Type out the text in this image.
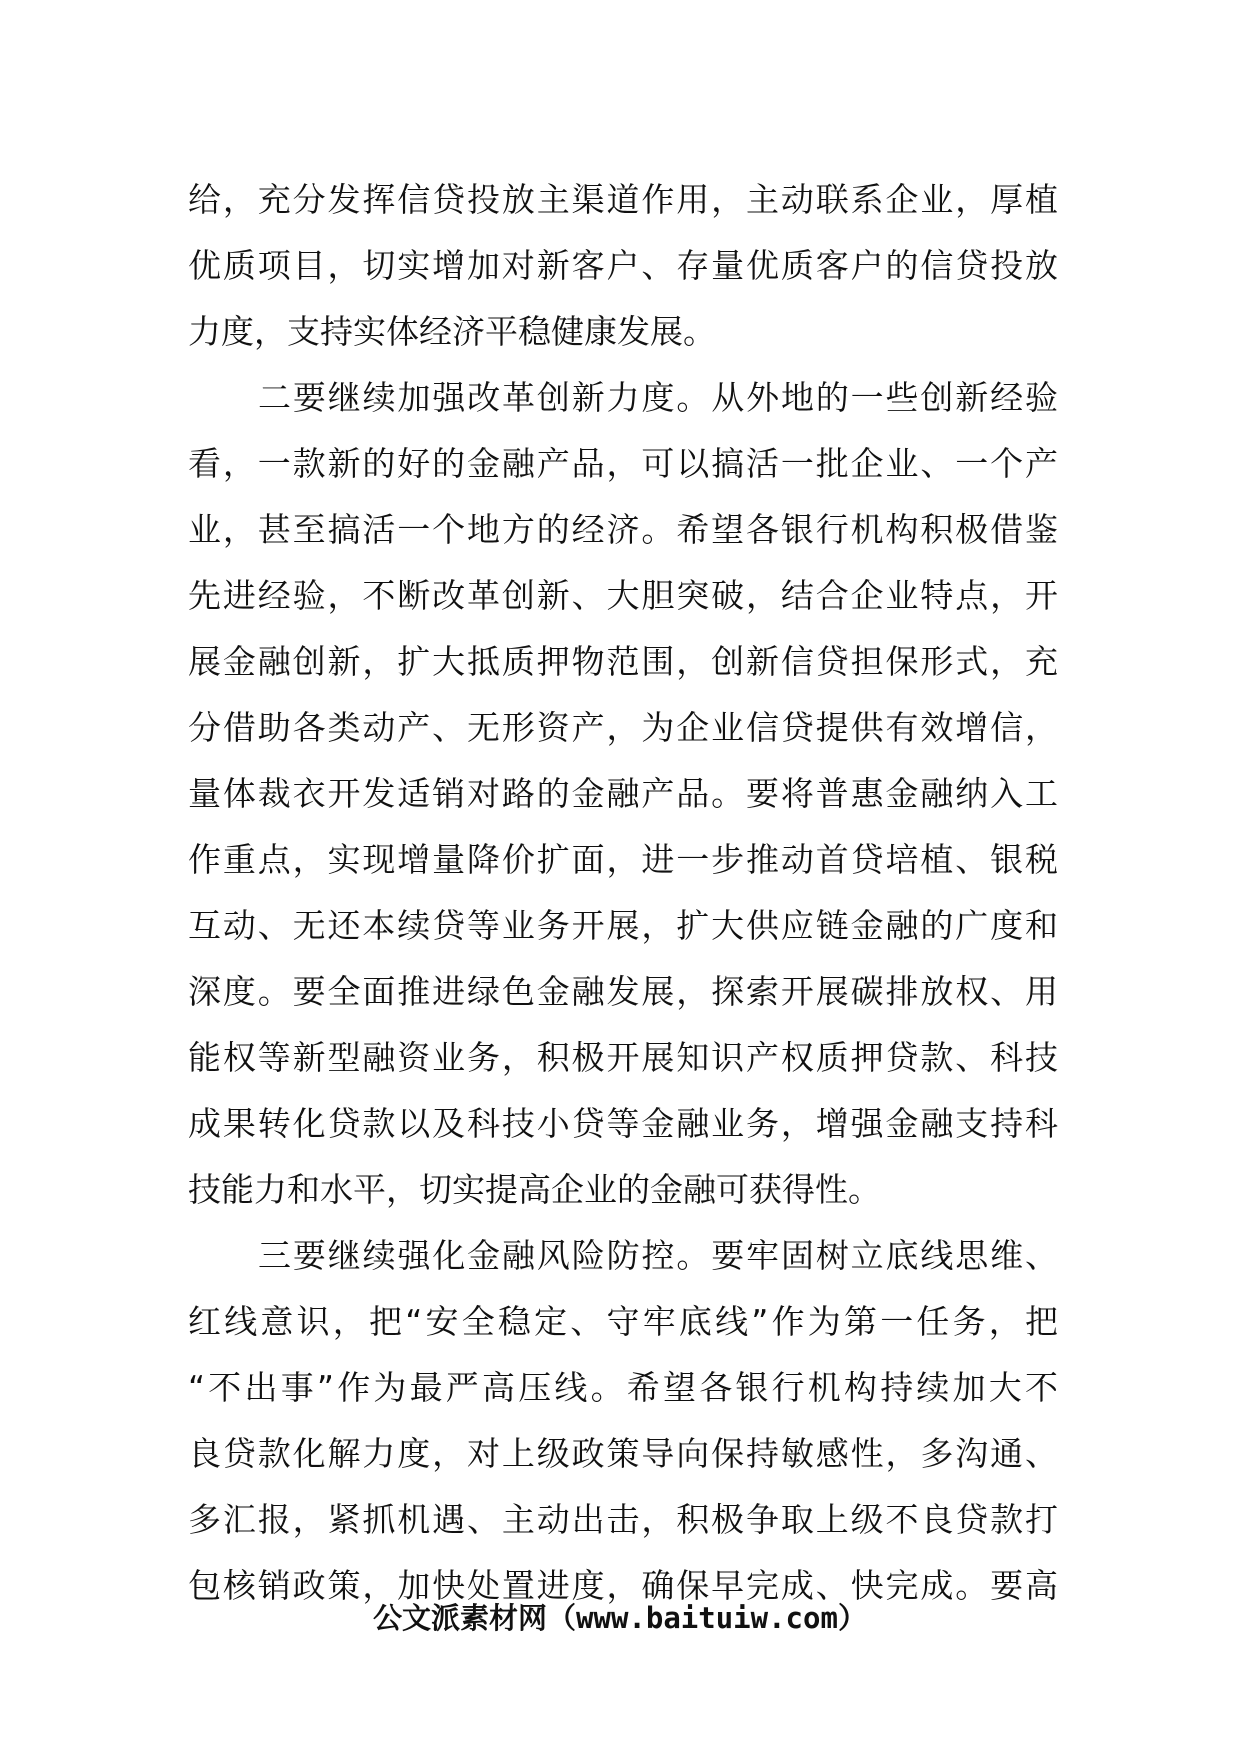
给，充分发挥信贷投放主渠道作用，主动联系企业，厚植
优质项目，切实增加对新客户、存量优质客户的信贷投放
力度，支持实体经济平稳健康发展。
二要继续加强改革创新力度。从外地的一些创新经验
看，一款新的好的金融产品，可以搞活一批企业、一个产
业，甚至搞活一个地方的经济。希望各银行机构积极借鉴
先进经验，不断改革创新、大胆突破，结合企业特点，开
展金融创新，扩大抵质押物范围，创新信贷担保形式，充
分借助各类动产、无形资产，为企业信贷提供有效增信，
量体裁衣开发适销对路的金融产品。要将普惠金融纳入工
作重点，实现增量降价扩面，进一步推动首贷培植、银税
互动、无还本续贷等业务开展，扩大供应链金融的广度和
深度。要全面推进绿色金融发展，探索开展碳排放权、用
能权等新型融资业务，积极开展知识产权质押贷款、科技
成果转化贷款以及科技小贷等金融业务，增强金融支持科
技能力和水平，切实提高企业的金融可获得性。
三要继续强化金融风险防控。要牢固树立底线思维、
红线意识，把“安全稳定、守牢底线”作为第一任务，把
“不出事”作为最严高压线。希望各银行机构持续加大不
良贷款化解力度，对上级政策导向保持敏感性，多沟通、
多汇报，紧抓机遇、主动出击，积极争取上级不良贷款打
包核销政策，加快处置进度，确保早完成、快完成。要高
公文派素材网（www.baituiw.com）
